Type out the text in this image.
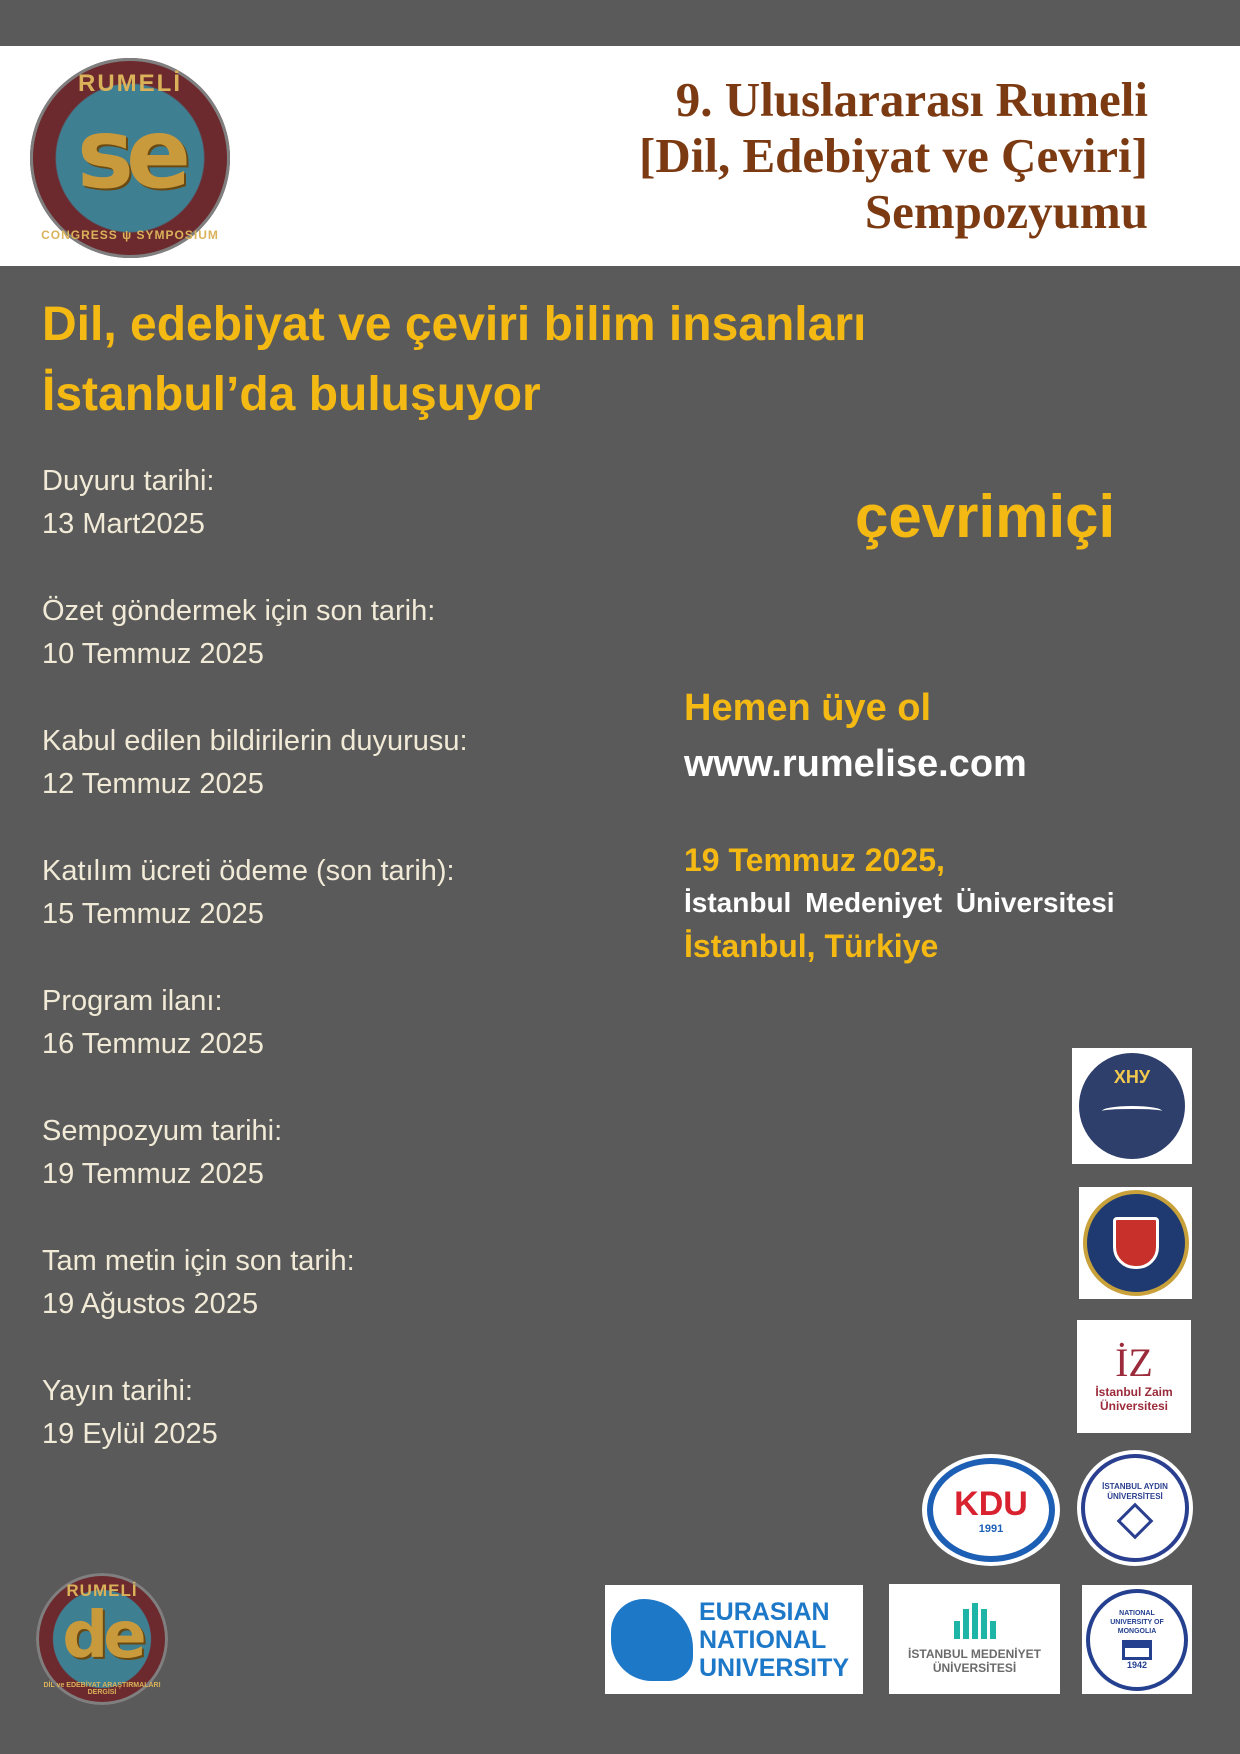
9. Uluslararası Rumeli
[Dil, Edebiyat ve Çeviri]
Sempozyumu
RUMELİ
se
CONGRESS ψ SYMPOSIUM
Dil, edebiyat ve çeviri bilim insanları
İstanbul’da buluşuyor
Duyuru tarihi:
13 Mart2025
Özet göndermek için son tarih:
10 Temmuz 2025
Kabul edilen bildirilerin duyurusu:
12 Temmuz 2025
Katılım ücreti ödeme (son tarih):
15 Temmuz 2025
Program ilanı:
16 Temmuz 2025
Sempozyum tarihi:
19 Temmuz 2025
Tam metin için son tarih:
19 Ağustos 2025
Yayın tarihi:
19 Eylül 2025
çevrimiçi
Hemen üye ol
www.rumelise.com
19 Temmuz 2025,
İstanbul Medeniyet Üniversitesi
İstanbul, Türkiye
ХНУ
İZ
İstanbul Zaim
Üniversitesi
KDU
1991
İSTANBUL AYDIN ÜNİVERSİTESİ
EURASIAN
NATIONAL
UNIVERSITY	İSTANBUL MEDENİYET
ÜNİVERSİTESİ
NATIONAL UNIVERSITY OF MONGOLIA
1942
RUMELİ
de
DİL ve EDEBİYAT ARAŞTIRMALARI DERGİSİ
